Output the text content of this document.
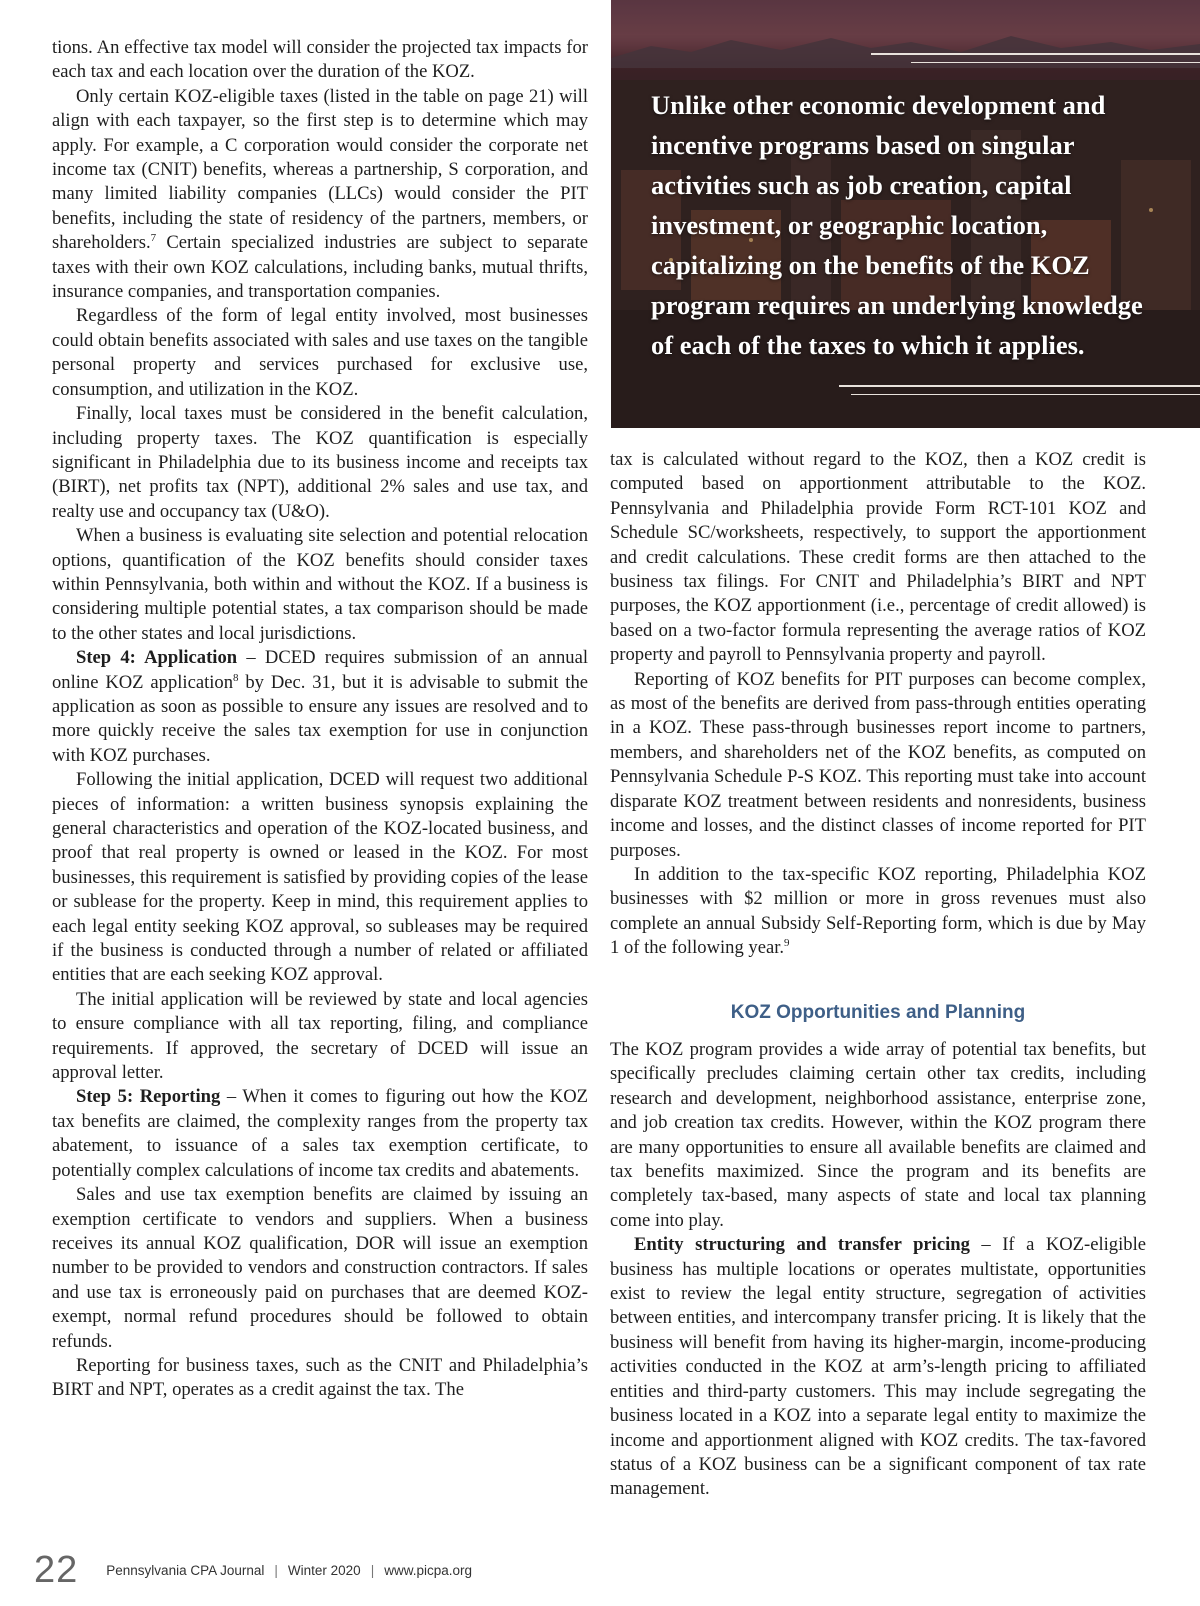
tions. An effective tax model will consider the projected tax impacts for each tax and each location over the duration of the KOZ.

Only certain KOZ-eligible taxes (listed in the table on page 21) will align with each taxpayer, so the first step is to determine which may apply. For example, a C corporation would consider the corporate net income tax (CNIT) benefits, whereas a partnership, S corporation, and many limited liability companies (LLCs) would consider the PIT benefits, including the state of residency of the partners, members, or shareholders.$^7$ Certain specialized industries are subject to separate taxes with their own KOZ calculations, including banks, mutual thrifts, insurance companies, and transportation companies.

Regardless of the form of legal entity involved, most businesses could obtain benefits associated with sales and use taxes on the tangible personal property and services purchased for exclusive use, consumption, and utilization in the KOZ.

Finally, local taxes must be considered in the benefit calculation, including property taxes. The KOZ quantification is especially significant in Philadelphia due to its business income and receipts tax (BIRT), net profits tax (NPT), additional 2% sales and use tax, and realty use and occupancy tax (U&O).

When a business is evaluating site selection and potential relocation options, quantification of the KOZ benefits should consider taxes within Pennsylvania, both within and without the KOZ. If a business is considering multiple potential states, a tax comparison should be made to the other states and local jurisdictions.

Step 4: Application – DCED requires submission of an annual online KOZ application$^8$ by Dec. 31, but it is advisable to submit the application as soon as possible to ensure any issues are resolved and to more quickly receive the sales tax exemption for use in conjunction with KOZ purchases.

Following the initial application, DCED will request two additional pieces of information: a written business synopsis explaining the general characteristics and operation of the KOZ-located business, and proof that real property is owned or leased in the KOZ. For most businesses, this requirement is satisfied by providing copies of the lease or sublease for the property. Keep in mind, this requirement applies to each legal entity seeking KOZ approval, so subleases may be required if the business is conducted through a number of related or affiliated entities that are each seeking KOZ approval.

The initial application will be reviewed by state and local agencies to ensure compliance with all tax reporting, filing, and compliance requirements. If approved, the secretary of DCED will issue an approval letter.

Step 5: Reporting – When it comes to figuring out how the KOZ tax benefits are claimed, the complexity ranges from the property tax abatement, to issuance of a sales tax exemption certificate, to potentially complex calculations of income tax credits and abatements.

Sales and use tax exemption benefits are claimed by issuing an exemption certificate to vendors and suppliers. When a business receives its annual KOZ qualification, DOR will issue an exemption number to be provided to vendors and construction contractors. If sales and use tax is erroneously paid on purchases that are deemed KOZ-exempt, normal refund procedures should be followed to obtain refunds.

Reporting for business taxes, such as the CNIT and Philadelphia’s BIRT and NPT, operates as a credit against the tax. The

Unlike other economic development and incentive programs based on singular activities such as job creation, capital investment, or geographic location, capitalizing on the benefits of the KOZ program requires an underlying knowledge of each of the taxes to which it applies.

tax is calculated without regard to the KOZ, then a KOZ credit is computed based on apportionment attributable to the KOZ. Pennsylvania and Philadelphia provide Form RCT-101 KOZ and Schedule SC/worksheets, respectively, to support the apportionment and credit calculations. These credit forms are then attached to the business tax filings. For CNIT and Philadelphia’s BIRT and NPT purposes, the KOZ apportionment (i.e., percentage of credit allowed) is based on a two-factor formula representing the average ratios of KOZ property and payroll to Pennsylvania property and payroll.

Reporting of KOZ benefits for PIT purposes can become complex, as most of the benefits are derived from pass-through entities operating in a KOZ. These pass-through businesses report income to partners, members, and shareholders net of the KOZ benefits, as computed on Pennsylvania Schedule P-S KOZ. This reporting must take into account disparate KOZ treatment between residents and nonresidents, business income and losses, and the distinct classes of income reported for PIT purposes.

In addition to the tax-specific KOZ reporting, Philadelphia KOZ businesses with $2 million or more in gross revenues must also complete an annual Subsidy Self-Reporting form, which is due by May 1 of the following year.$^9$

KOZ Opportunities and Planning

The KOZ program provides a wide array of potential tax benefits, but specifically precludes claiming certain other tax credits, including research and development, neighborhood assistance, enterprise zone, and job creation tax credits. However, within the KOZ program there are many opportunities to ensure all available benefits are claimed and tax benefits maximized. Since the program and its benefits are completely tax-based, many aspects of state and local tax planning come into play.

Entity structuring and transfer pricing – If a KOZ-eligible business has multiple locations or operates multistate, opportunities exist to review the legal entity structure, segregation of activities between entities, and intercompany transfer pricing. It is likely that the business will benefit from having its higher-margin, income-producing activities conducted in the KOZ at arm’s-length pricing to affiliated entities and third-party customers. This may include segregating the business located in a KOZ into a separate legal entity to maximize the income and apportionment aligned with KOZ credits. The tax-favored status of a KOZ business can be a significant component of tax rate management.

22 Pennsylvania CPA Journal | Winter 2020 | www.picpa.org
